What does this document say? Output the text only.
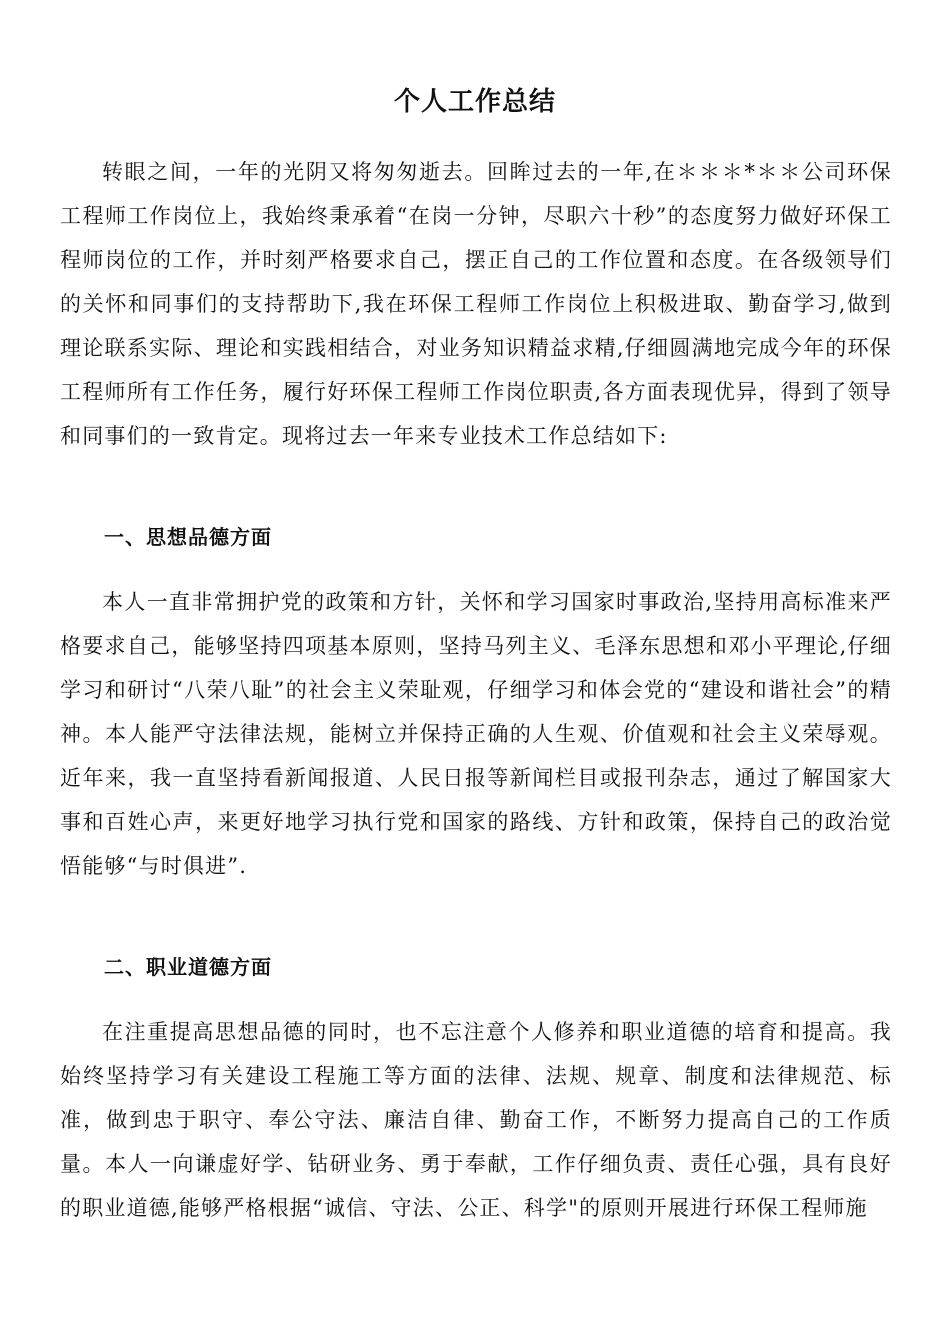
个人工作总结

转眼之间，一年的光阴又将匆匆逝去。回眸过去的一年,在＊＊＊*＊＊公司环保工程师工作岗位上，我始终秉承着“在岗一分钟，尽职六十秒”的态度努力做好环保工程师岗位的工作，并时刻严格要求自己，摆正自己的工作位置和态度。在各级领导们的关怀和同事们的支持帮助下,我在环保工程师工作岗位上积极进取、勤奋学习,做到理论联系实际、理论和实践相结合，对业务知识精益求精,仔细圆满地完成今年的环保工程师所有工作任务，履行好环保工程师工作岗位职责,各方面表现优异，得到了领导和同事们的一致肯定。现将过去一年来专业技术工作总结如下:

一、思想品德方面

本人一直非常拥护党的政策和方针，关怀和学习国家时事政治,坚持用高标准来严格要求自己，能够坚持四项基本原则，坚持马列主义、毛泽东思想和邓小平理论,仔细学习和研讨“八荣八耻”的社会主义荣耻观，仔细学习和体会党的“建设和谐社会”的精神。本人能严守法律法规，能树立并保持正确的人生观、价值观和社会主义荣辱观。近年来，我一直坚持看新闻报道、人民日报等新闻栏目或报刊杂志，通过了解国家大事和百姓心声，来更好地学习执行党和国家的路线、方针和政策，保持自己的政治觉悟能够“与时俱进”.

二、职业道德方面

在注重提高思想品德的同时，也不忘注意个人修养和职业道德的培育和提高。我始终坚持学习有关建设工程施工等方面的法律、法规、规章、制度和法律规范、标准，做到忠于职守、奉公守法、廉洁自律、勤奋工作，不断努力提高自己的工作质量。本人一向谦虚好学、钻研业务、勇于奉献，工作仔细负责、责任心强，具有良好的职业道德,能够严格根据“诚信、守法、公正、科学"的原则开展进行环保工程师施
